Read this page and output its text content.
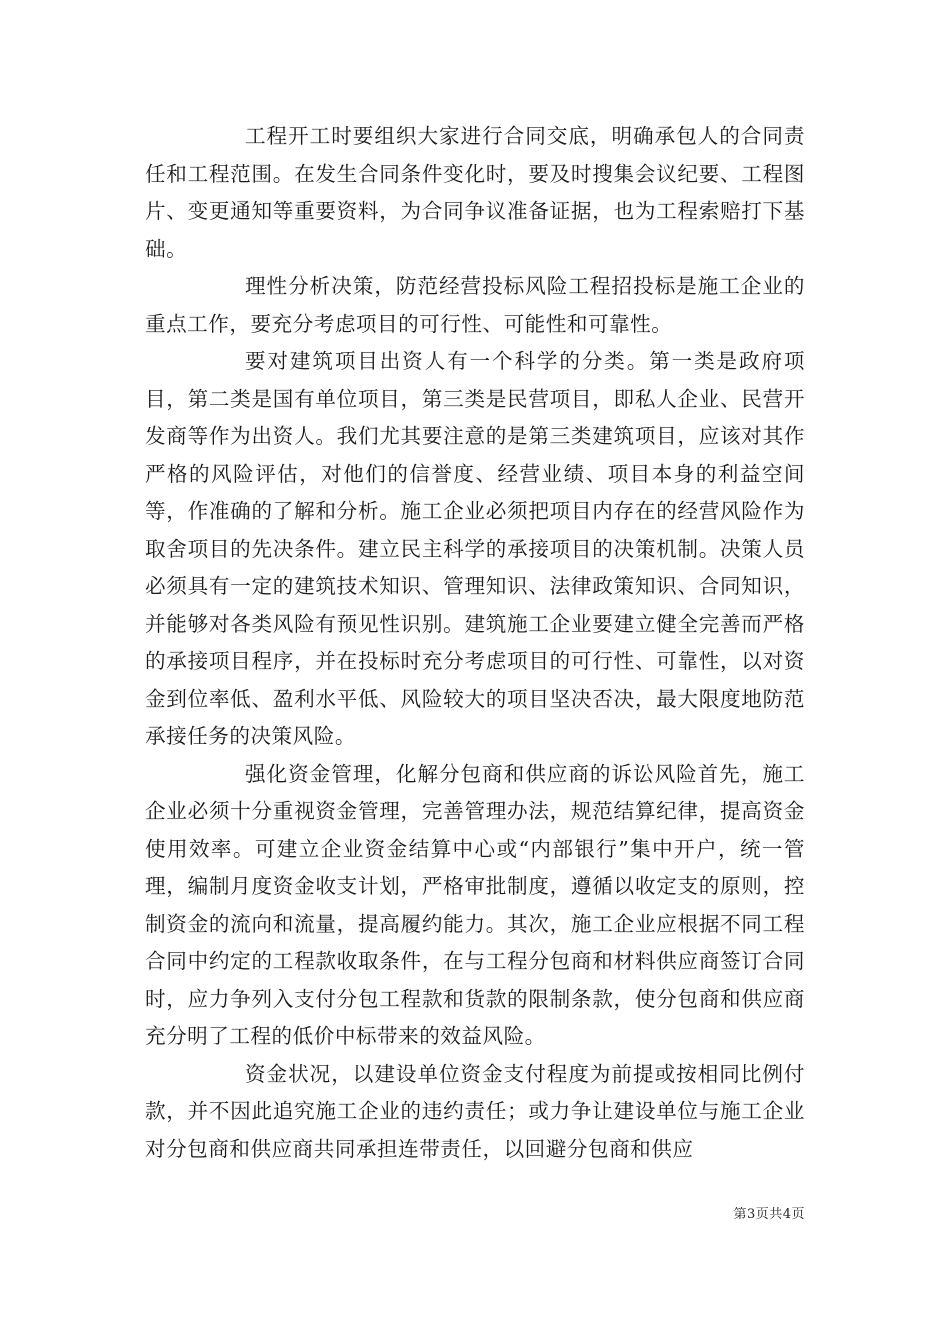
工程开工时要组织大家进行合同交底，明确承包人的合同责任和工程范围。在发生合同条件变化时，要及时搜集会议纪要、工程图片、变更通知等重要资料，为合同争议准备证据，也为工程索赔打下基础。

理性分析决策，防范经营投标风险工程招投标是施工企业的重点工作，要充分考虑项目的可行性、可能性和可靠性。

要对建筑项目出资人有一个科学的分类。第一类是政府项目，第二类是国有单位项目，第三类是民营项目，即私人企业、民营开发商等作为出资人。我们尤其要注意的是第三类建筑项目，应该对其作严格的风险评估，对他们的信誉度、经营业绩、项目本身的利益空间等，作准确的了解和分析。施工企业必须把项目内存在的经营风险作为取舍项目的先决条件。建立民主科学的承接项目的决策机制。决策人员必须具有一定的建筑技术知识、管理知识、法律政策知识、合同知识，并能够对各类风险有预见性识别。建筑施工企业要建立健全完善而严格的承接项目程序，并在投标时充分考虑项目的可行性、可靠性，以对资金到位率低、盈利水平低、风险较大的项目坚决否决，最大限度地防范承接任务的决策风险。

强化资金管理，化解分包商和供应商的诉讼风险首先，施工企业必须十分重视资金管理，完善管理办法，规范结算纪律，提高资金使用效率。可建立企业资金结算中心或“内部银行”集中开户，统一管理，编制月度资金收支计划，严格审批制度，遵循以收定支的原则，控制资金的流向和流量，提高履约能力。其次，施工企业应根据不同工程合同中约定的工程款收取条件，在与工程分包商和材料供应商签订合同时，应力争列入支付分包工程款和货款的限制条款，使分包商和供应商充分明了工程的低价中标带来的效益风险。

资金状况，以建设单位资金支付程度为前提或按相同比例付款，并不因此追究施工企业的违约责任；或力争让建设单位与施工企业对分包商和供应商共同承担连带责任，以回避分包商和供应

第3页共4页
